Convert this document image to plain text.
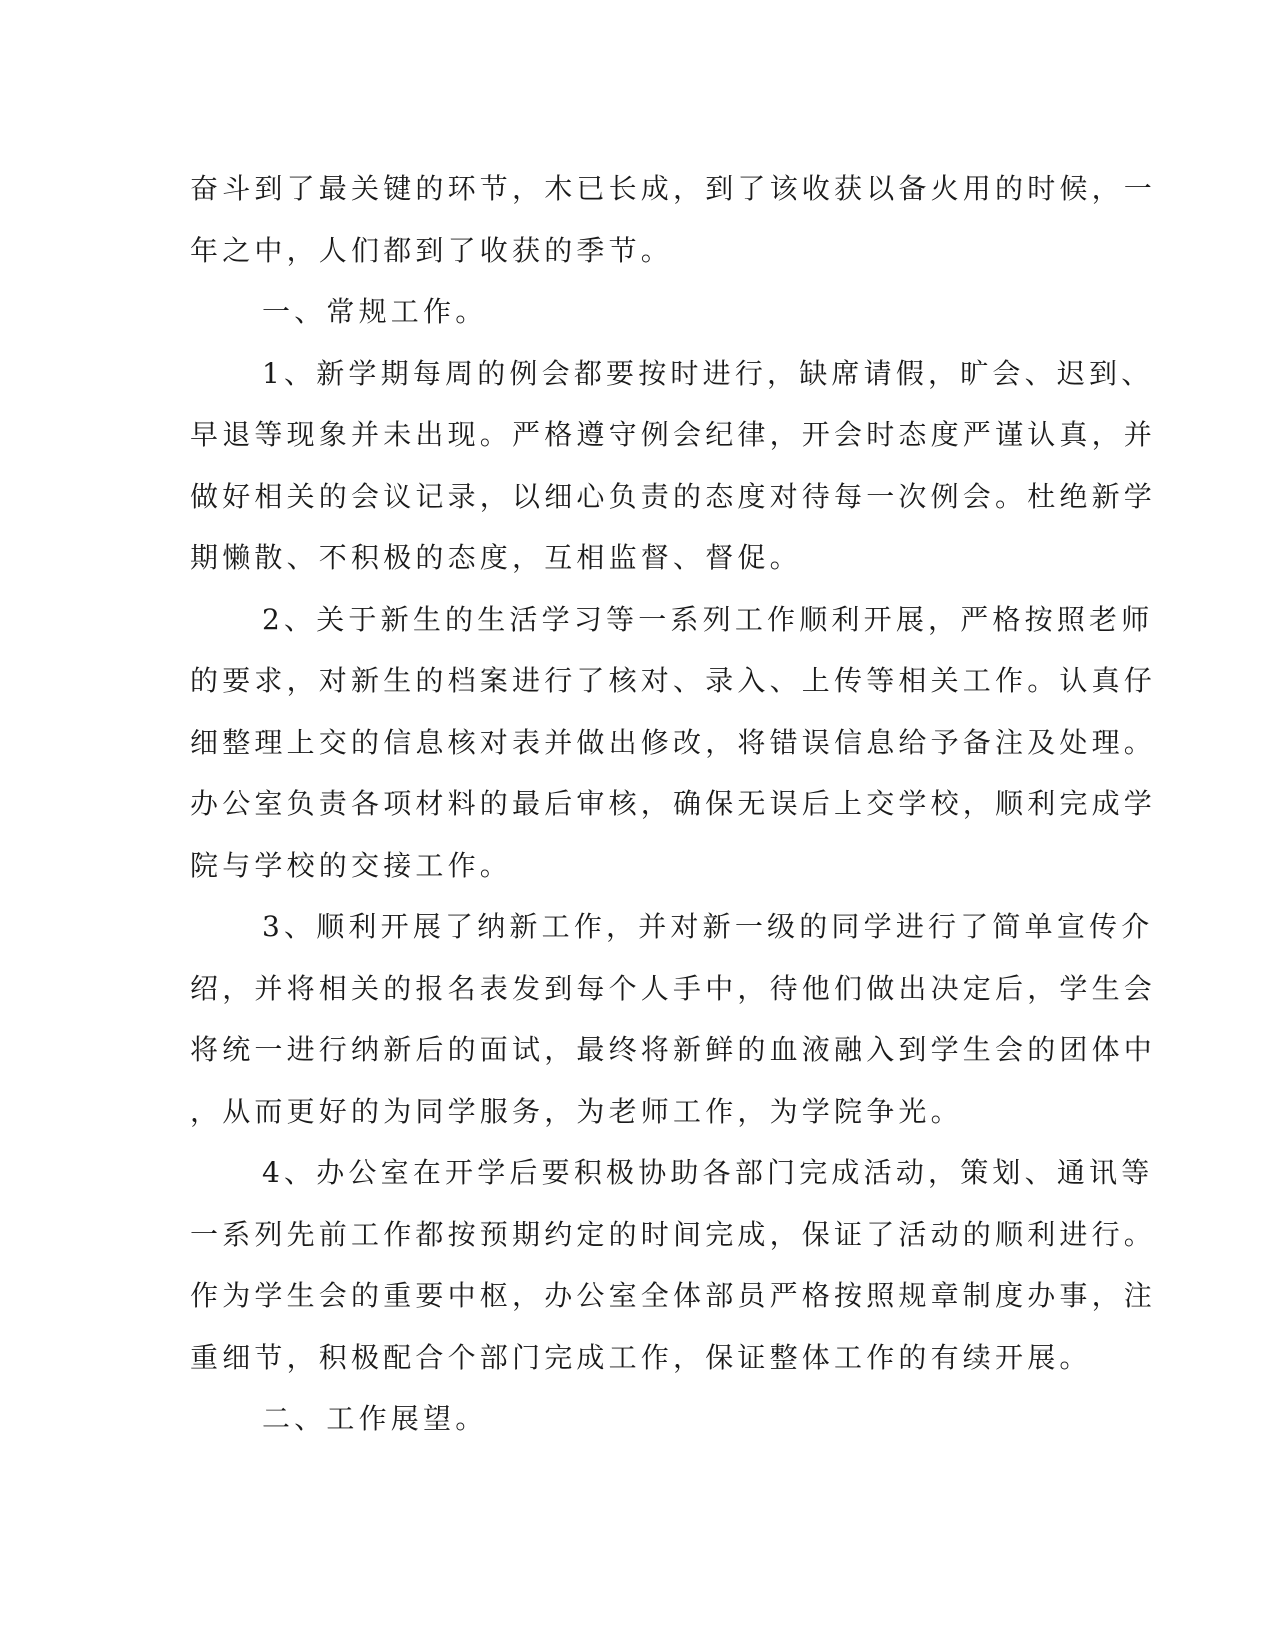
奋斗到了最关键的环节，木已长成，到了该收获以备火用的时候，一
年之中，人们都到了收获的季节。
一、常规工作。
1、新学期每周的例会都要按时进行，缺席请假，旷会、迟到、
早退等现象并未出现。严格遵守例会纪律，开会时态度严谨认真，并
做好相关的会议记录，以细心负责的态度对待每一次例会。杜绝新学
期懒散、不积极的态度，互相监督、督促。
2、关于新生的生活学习等一系列工作顺利开展，严格按照老师
的要求，对新生的档案进行了核对、录入、上传等相关工作。认真仔
细整理上交的信息核对表并做出修改，将错误信息给予备注及处理。
办公室负责各项材料的最后审核，确保无误后上交学校，顺利完成学
院与学校的交接工作。
3、顺利开展了纳新工作，并对新一级的同学进行了简单宣传介
绍，并将相关的报名表发到每个人手中，待他们做出决定后，学生会
将统一进行纳新后的面试，最终将新鲜的血液融入到学生会的团体中
，从而更好的为同学服务，为老师工作，为学院争光。
4、办公室在开学后要积极协助各部门完成活动，策划、通讯等
一系列先前工作都按预期约定的时间完成，保证了活动的顺利进行。
作为学生会的重要中枢，办公室全体部员严格按照规章制度办事，注
重细节，积极配合个部门完成工作，保证整体工作的有续开展。
二、工作展望。
